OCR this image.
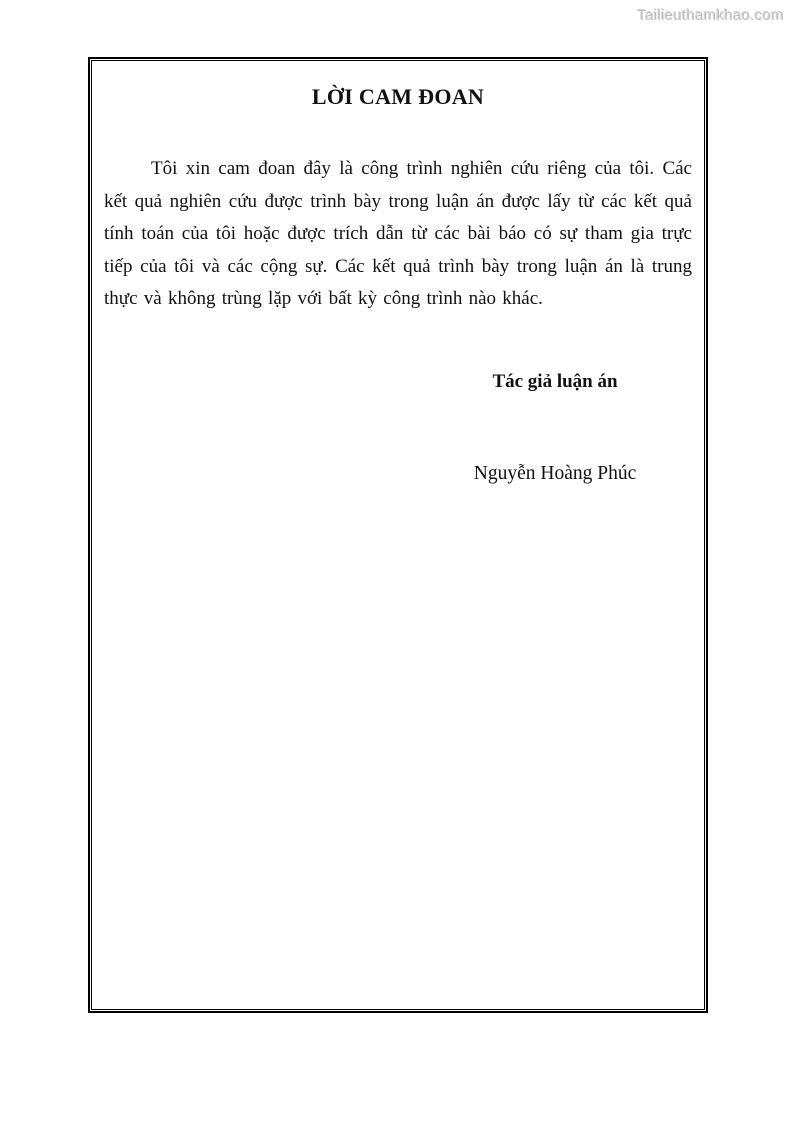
Tailieuthamkhao.com
LỜI CAM ĐOAN

Tôi xin cam đoan đây là công trình nghiên cứu riêng của tôi. Các kết quả nghiên cứu được trình bày trong luận án được lấy từ các kết quả tính toán của tôi hoặc được trích dẫn từ các bài báo có sự tham gia trực tiếp của tôi và các cộng sự. Các kết quả trình bày trong luận án là trung thực và không trùng lặp với bất kỳ công trình nào khác.

Tác giả luận án
Nguyễn Hoàng Phúc
